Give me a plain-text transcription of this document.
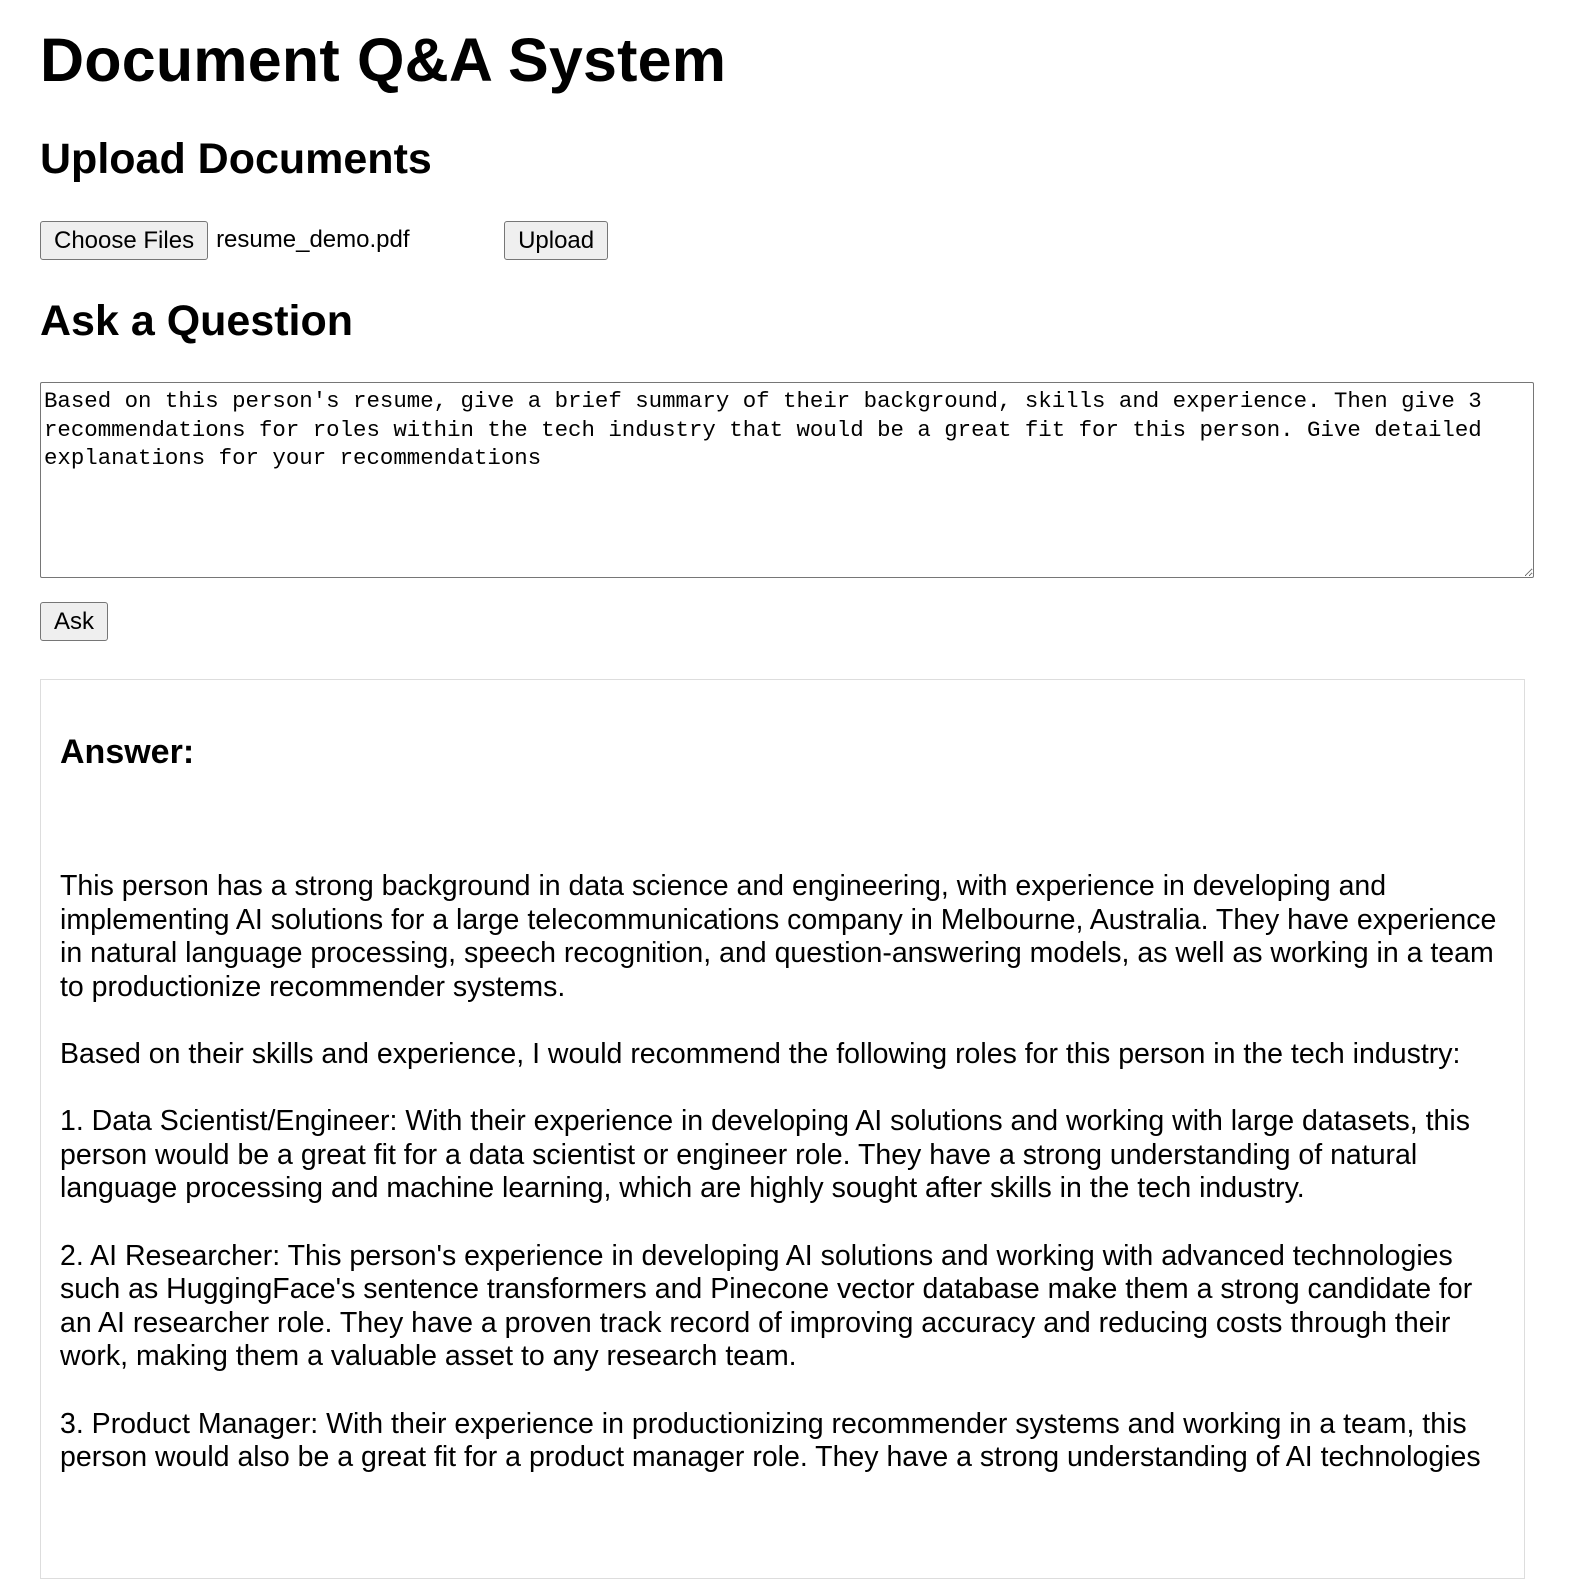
Document Q&A System
Upload Documents
Choose Files resume_demo.pdf	Upload
Ask a Question
Based on this person's resume, give a brief summary of their background, skills and experience. Then give 3 recommendations for roles within the tech industry that would be a great fit for this person. Give detailed explanations for your recommendations
Ask
Answer:

This person has a strong background in data science and engineering, with experience in developing and implementing AI solutions for a large telecommunications company in Melbourne, Australia. They have experience in natural language processing, speech recognition, and question-answering models, as well as working in a team to productionize recommender systems.

Based on their skills and experience, I would recommend the following roles for this person in the tech industry:

1. Data Scientist/Engineer: With their experience in developing AI solutions and working with large datasets, this person would be a great fit for a data scientist or engineer role. They have a strong understanding of natural language processing and machine learning, which are highly sought after skills in the tech industry.

2. AI Researcher: This person's experience in developing AI solutions and working with advanced technologies such as HuggingFace's sentence transformers and Pinecone vector database make them a strong candidate for an AI researcher role. They have a proven track record of improving accuracy and reducing costs through their work, making them a valuable asset to any research team.

3. Product Manager: With their experience in productionizing recommender systems and working in a team, this person would also be a great fit for a product manager role. They have a strong understanding of AI technologies
